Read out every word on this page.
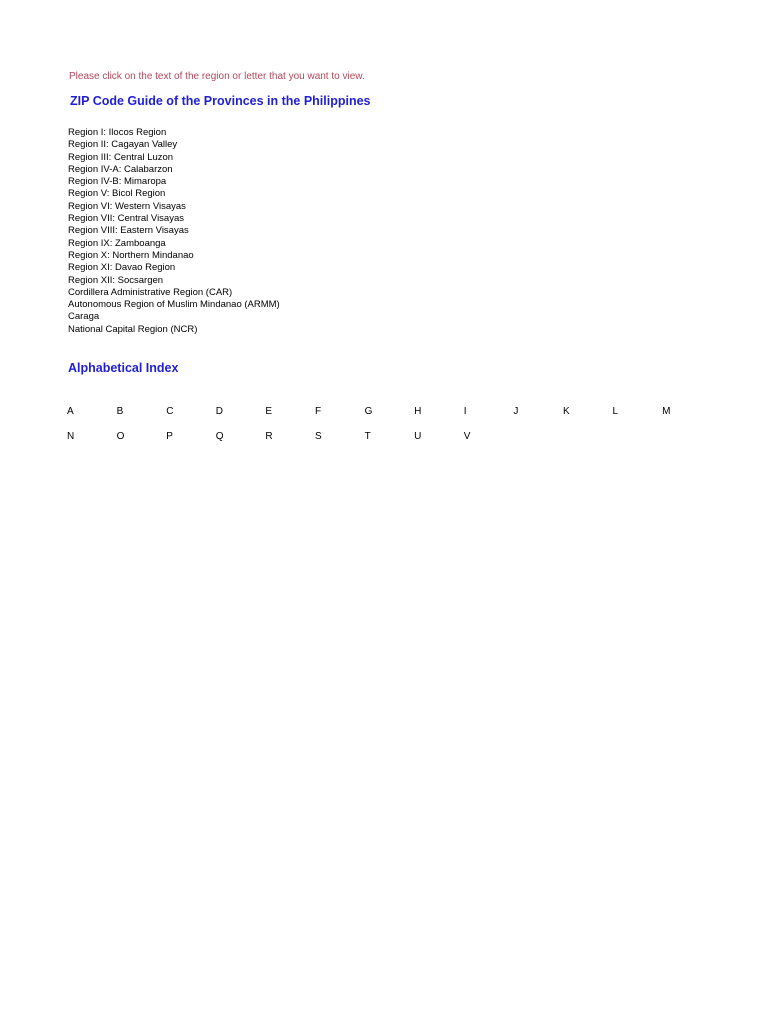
Please click on the text of the region or letter that you want to view.
ZIP Code Guide of the Provinces in the Philippines
Region I: Ilocos Region
Region II: Cagayan Valley
Region III: Central Luzon
Region IV-A: Calabarzon
Region IV-B: Mimaropa
Region V: Bicol Region
Region VI: Western Visayas
Region VII: Central Visayas
Region VIII: Eastern Visayas
Region IX: Zamboanga
Region X: Northern Mindanao
Region XI: Davao Region
Region XII: Socsargen
Cordillera Administrative Region (CAR)
Autonomous Region of Muslim Mindanao (ARMM)
Caraga
National Capital Region (NCR)
Alphabetical Index
A	B	C	D	E	F	G	H	I	J	K	L	M
N	O	P	Q	R	S	T	U	V
